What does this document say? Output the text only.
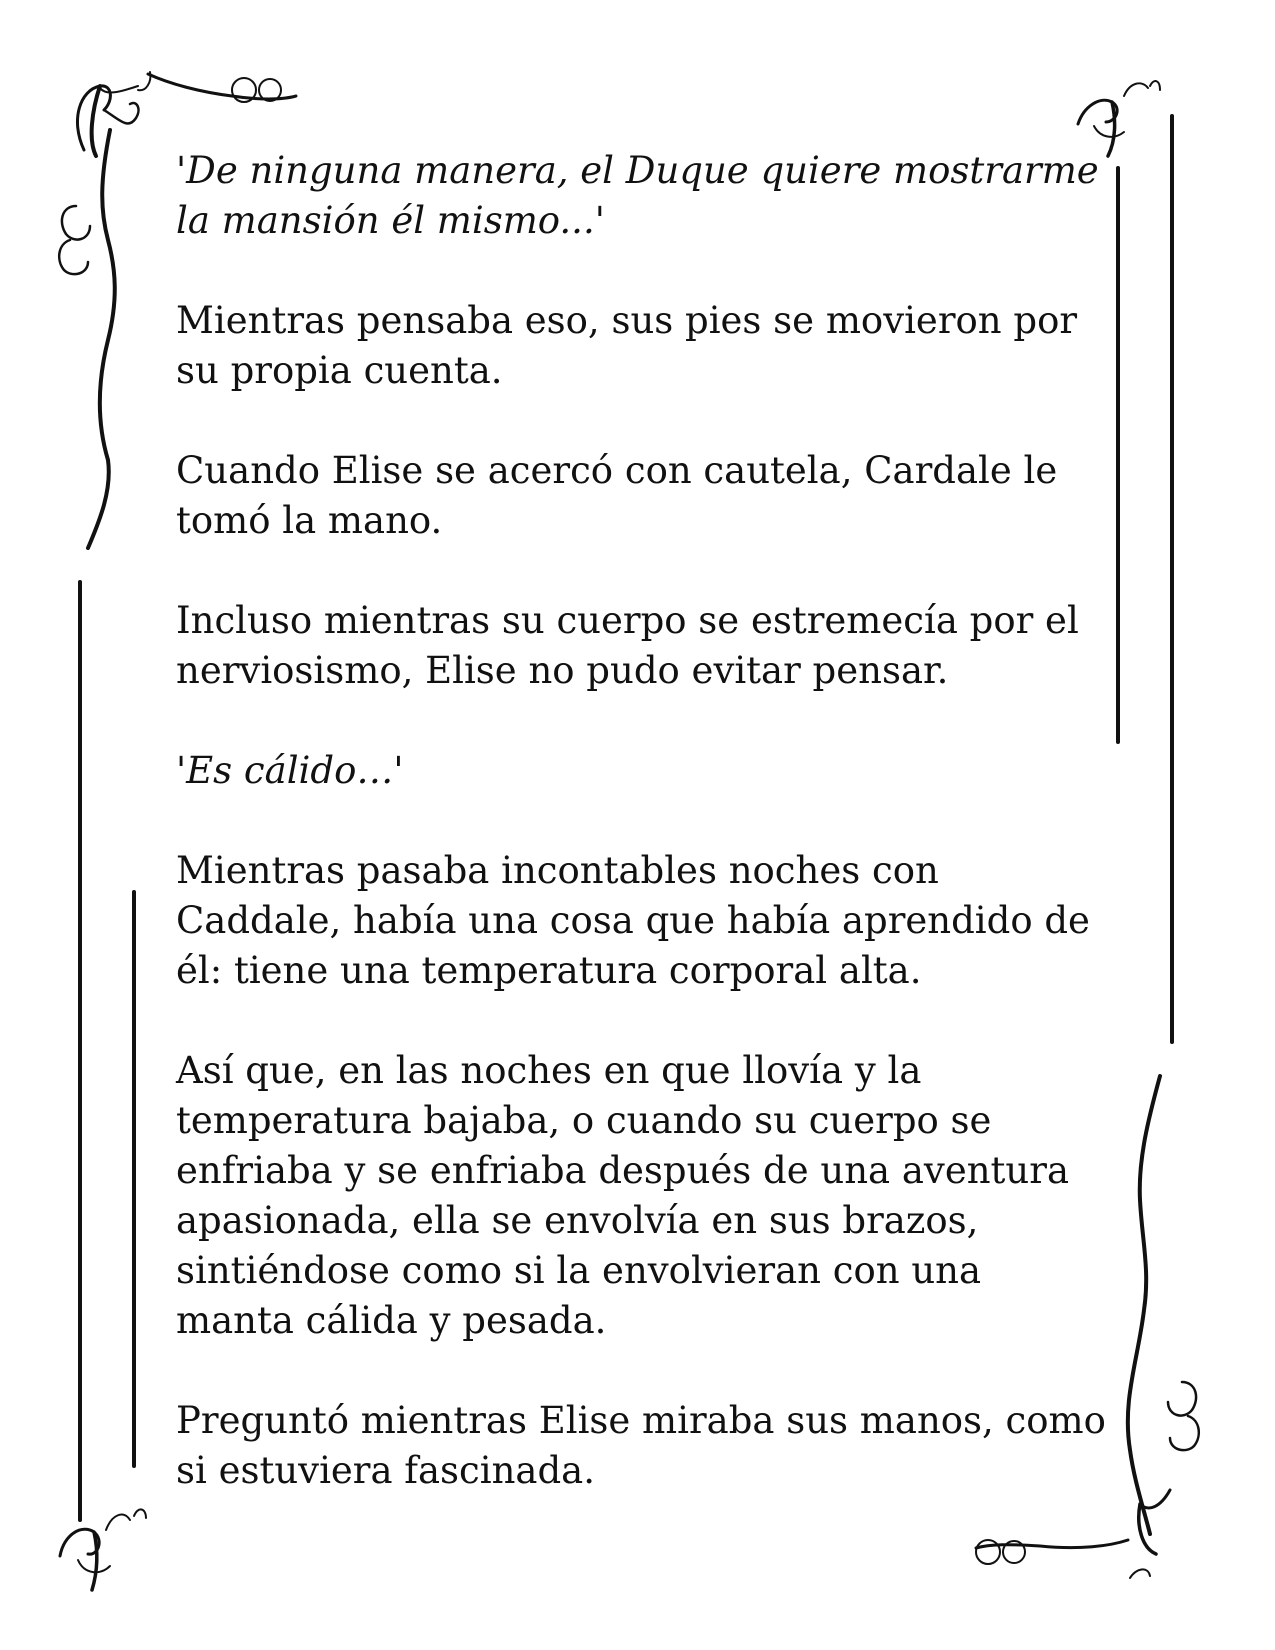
'De ninguna manera, el Duque quiere mostrarme la mansión él mismo...'

Mientras pensaba eso, sus pies se movieron por su propia cuenta.

Cuando Elise se acercó con cautela, Cardale le tomó la mano.

Incluso mientras su cuerpo se estremecía por el nerviosismo, Elise no pudo evitar pensar.

'Es cálido…'

Mientras pasaba incontables noches con Caddale, había una cosa que había aprendido de él: tiene una temperatura corporal alta.

Así que, en las noches en que llovía y la temperatura bajaba, o cuando su cuerpo se enfriaba y se enfriaba después de una aventura apasionada, ella se envolvía en sus brazos, sintiéndose como si la envolvieran con una manta cálida y pesada.

Preguntó mientras Elise miraba sus manos, como si estuviera fascinada.
